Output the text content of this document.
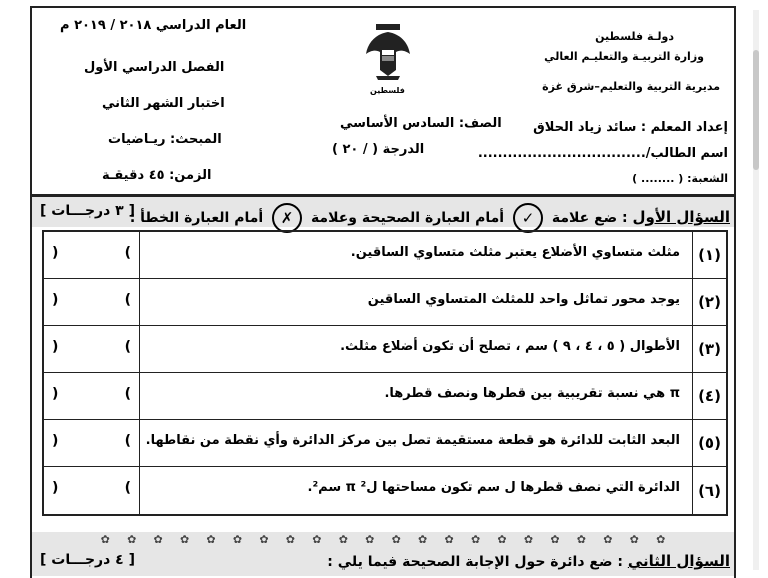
دولـة فلسطين
وزارة التربيـة والتعليـم العالي
مديرية التربية والتعليم–شرق غزة
إعداد المعلم : سائد زياد الحلاق
اسم الطالب/..................................
الشعبة: ( ........ )
فلسطين
الصف: السادس الأساسي
الدرجة ( / ٢٠ )
العام الدراسي ٢٠١٨ / ٢٠١٩ م
الفصل الدراسي الأول
اختبار الشهر الثاني
المبحث: ريـاضيات
الزمن: ٤٥ دقيقـة
السؤال الأول : ضع علامة ✓ أمام العبارة الصحيحة وعلامة ✗ أمام العبارة الخطأ :
[ ٣ درجـــات ]
(١)
مثلث متساوي الأضلاع يعتبر مثلث متساوي الساقين.
)	(
(٢)
يوجد محور تماثل واحد للمثلث المتساوي الساقين
)	(
(٣)
الأطوال ( ٥ ، ٤ ، ٩ ) سم ، تصلح أن تكون أضلاع مثلث.
)	(
(٤)
π هي نسبة تقريبية بين قطرها ونصف قطرها.
)	(
(٥)
البعد الثابت للدائرة هو قطعة مستقيمة تصل بين مركز الدائرة وأي نقطة من نقاطها.
)	(
(٦)
الدائرة التي نصف قطرها ل سم تكون مساحتها ل² π سم².
)	(
✿ ✿ ✿ ✿ ✿ ✿ ✿ ✿ ✿ ✿ ✿ ✿ ✿ ✿ ✿ ✿ ✿ ✿ ✿ ✿ ✿ ✿
السؤال الثاني : ضع دائرة حول الإجابة الصحيحة فيما يلي :
[ ٤ درجـــات ]
